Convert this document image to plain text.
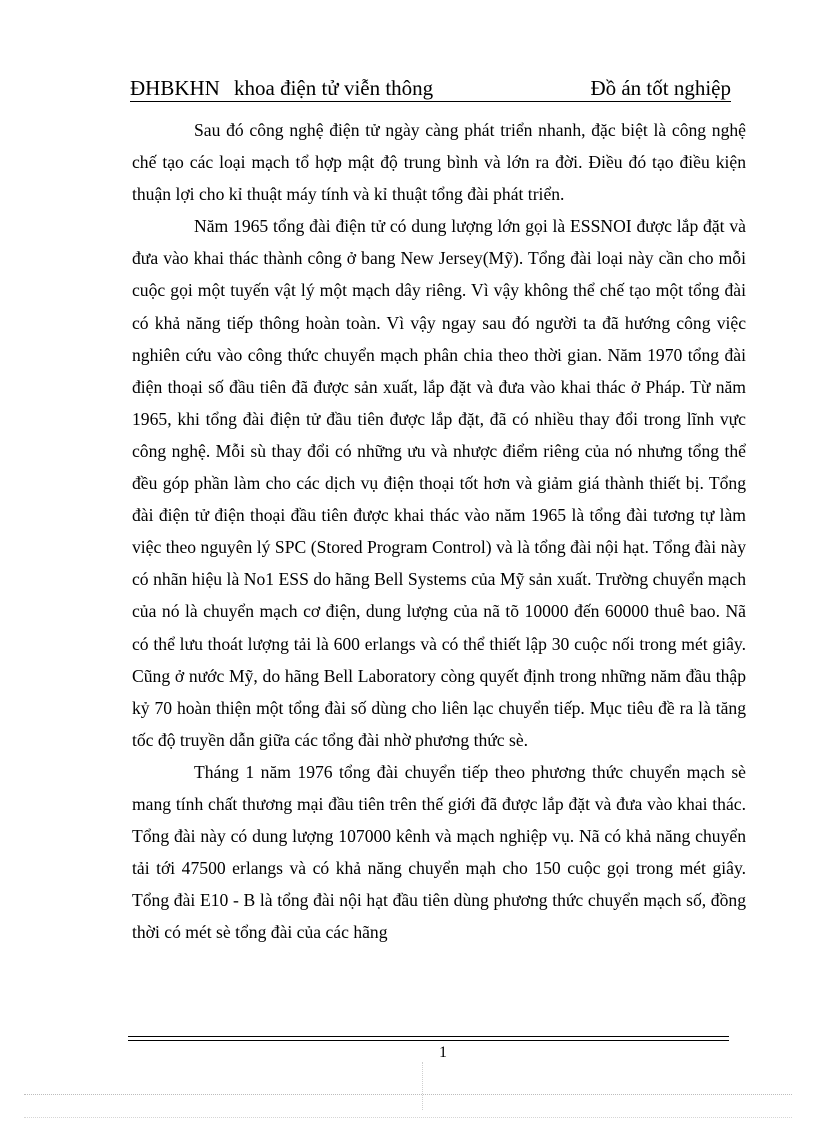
ĐHBKHN khoa điện tử viễn thông	Đồ án tốt nghiệp

Sau đó công nghệ điện tử ngày càng phát triển nhanh, đặc biệt là công nghệ chế tạo các loại mạch tổ hợp mật độ trung bình và lớn ra đời. Điều đó tạo điều kiện thuận lợi cho kỉ thuật máy tính và kỉ thuật tổng đài phát triển.

Năm 1965 tổng đài điện tử có dung lượng lớn gọi là ESSNOI được lắp đặt và đưa vào khai thác thành công ở bang New Jersey(Mỹ). Tổng đài loại này cần cho mỗi cuộc gọi một tuyến vật lý một mạch dây riêng. Vì vậy không thể chế tạo một tổng đài có khả năng tiếp thông hoàn toàn. Vì vậy ngay sau đó người ta đã hướng công việc nghiên cứu vào công thức chuyển mạch phân chia theo thời gian. Năm 1970 tổng đài điện thoại số đầu tiên đã được sản xuất, lắp đặt và đưa vào khai thác ở Pháp. Từ năm 1965, khi tổng đài điện tử đầu tiên được lắp đặt, đã có nhiều thay đổi trong lĩnh vực công nghệ. Mỗi sù thay đổi có những ưu và nhược điểm riêng của nó nhưng tổng thể đều góp phần làm cho các dịch vụ điện thoại tốt hơn và giảm giá thành thiết bị. Tổng đài điện tử điện thoại đầu tiên được khai thác vào năm 1965 là tổng đài tương tự làm việc theo nguyên lý SPC (Stored Program Control) và là tổng đài nội hạt. Tổng đài này có nhãn hiệu là No1 ESS do hãng Bell Systems của Mỹ sản xuất. Trường chuyển mạch của nó là chuyển mạch cơ điện, dung lượng của nã tõ 10000 đến 60000 thuê bao. Nã có thể lưu thoát lượng tải là 600 erlangs và có thể thiết lập 30 cuộc nối trong mét giây. Cũng ở nước Mỹ, do hãng Bell Laboratory còng quyết định trong những năm đầu thập kỷ 70 hoàn thiện một tổng đài số dùng cho liên lạc chuyển tiếp. Mục tiêu đề ra là tăng tốc độ truyền dẫn giữa các tổng đài nhờ phương thức sè.

Tháng 1 năm 1976 tổng đài chuyển tiếp theo phương thức chuyển mạch sè mang tính chất thương mại đầu tiên trên thế giới đã được lắp đặt và đưa vào khai thác. Tổng đài này có dung lượng 107000 kênh và mạch nghiệp vụ. Nã có khả năng chuyển tải tới 47500 erlangs và có khả năng chuyển mạh cho 150 cuộc gọi trong mét giây. Tổng đài E10 - B là tổng đài nội hạt đầu tiên dùng phương thức chuyển mạch số, đồng thời có mét sè tổng đài của các hãng

1
